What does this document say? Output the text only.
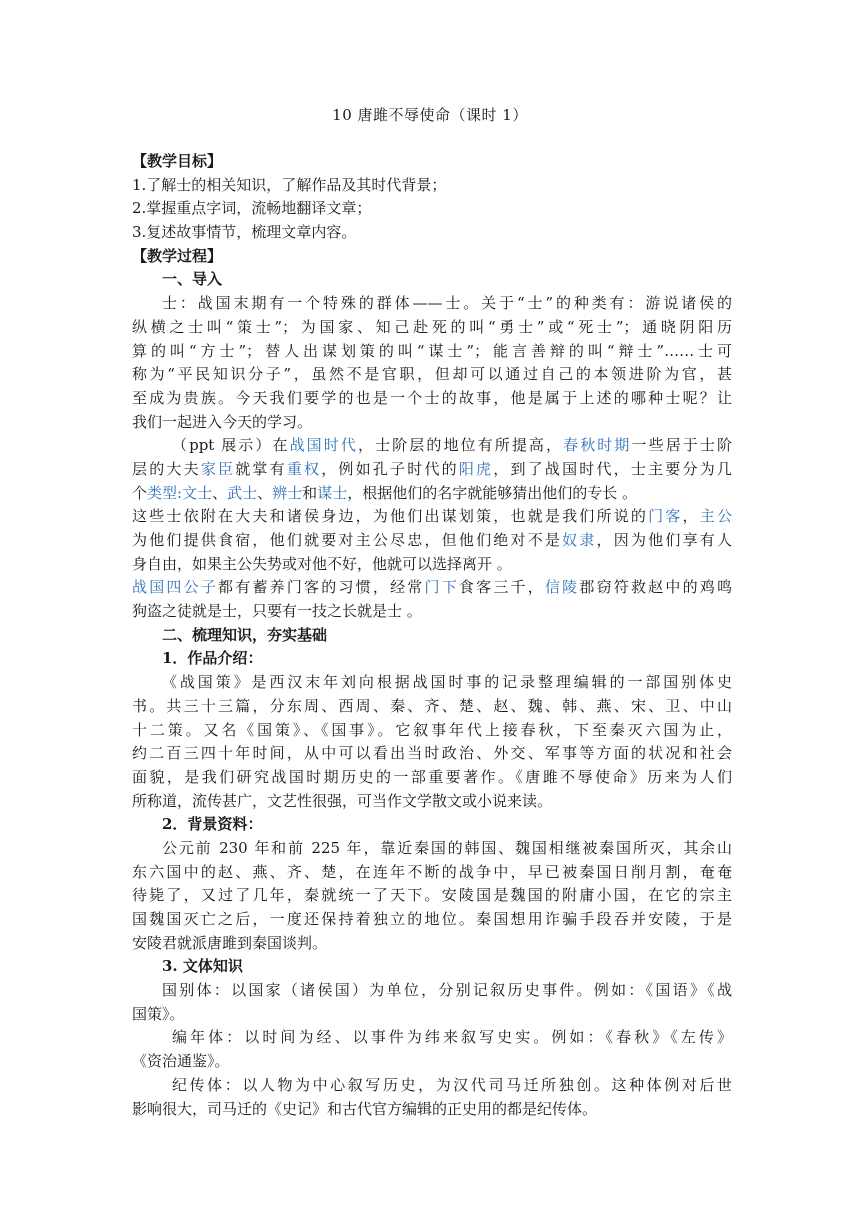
10 唐雎不辱使命（课时 1）
【教学目标】
1.了解士的相关知识，了解作品及其时代背景；
2.掌握重点字词，流畅地翻译文章；
3.复述故事情节，梳理文章内容。
【教学过程】
一、导入
士：战国末期有一个特殊的群体——士。关于“士”的种类有：游说诸侯的
纵横之士叫“策士”；为国家、知己赴死的叫“勇士”或“死士”；通晓阴阳历
算的叫“方士”；替人出谋划策的叫“谋士”；能言善辩的叫“辩士”……士可
称为“平民知识分子”，虽然不是官职，但却可以通过自己的本领进阶为官，甚
至成为贵族。今天我们要学的也是一个士的故事，他是属于上述的哪种士呢？让
我们一起进入今天的学习。
（ppt 展示）在战国时代，士阶层的地位有所提高，春秋时期一些居于士阶
层的大夫家臣就掌有重权，例如孔子时代的阳虎，到了战国时代，士主要分为几
个类型:文士、武士、辨士和谋士，根据他们的名字就能够猜出他们的专长 。
这些士依附在大夫和诸侯身边，为他们出谋划策，也就是我们所说的门客，主公
为他们提供食宿，他们就要对主公尽忠，但他们绝对不是奴隶，因为他们享有人
身自由，如果主公失势或对他不好，他就可以选择离开 。
战国四公子都有蓄养门客的习惯，经常门下食客三千，信陵郡窃符救赵中的鸡鸣
狗盗之徒就是士，只要有一技之长就是士 。
二、梳理知识，夯实基础
1．作品介绍：
《战国策》是西汉末年刘向根据战国时事的记录整理编辑的一部国别体史
书。共三十三篇，分东周、西周、秦、齐、楚、赵、魏、韩、燕、宋、卫、中山
十二策。又名《国策》、《国事》。它叙事年代上接春秋，下至秦灭六国为止，
约二百三四十年时间，从中可以看出当时政治、外交、军事等方面的状况和社会
面貌，是我们研究战国时期历史的一部重要著作。《唐雎不辱使命》历来为人们
所称道，流传甚广，文艺性很强，可当作文学散文或小说来读。
2．背景资料：
公元前 230 年和前 225 年，靠近秦国的韩国、魏国相继被秦国所灭，其余山
东六国中的赵、燕、齐、楚，在连年不断的战争中，早已被秦国日削月割，奄奄
待毙了，又过了几年，秦就统一了天下。安陵国是魏国的附庸小国，在它的宗主
国魏国灭亡之后，一度还保持着独立的地位。秦国想用诈骗手段吞并安陵，于是
安陵君就派唐雎到秦国谈判。
3. 文体知识
国别体：以国家（诸侯国）为单位，分别记叙历史事件。例如：《国语》《战
国策》。
编年体：以时间为经、以事件为纬来叙写史实。例如：《春秋》《左传》
《资治通鉴》。
纪传体：以人物为中心叙写历史，为汉代司马迁所独创。这种体例对后世
影响很大，司马迁的《史记》和古代官方编辑的正史用的都是纪传体。
